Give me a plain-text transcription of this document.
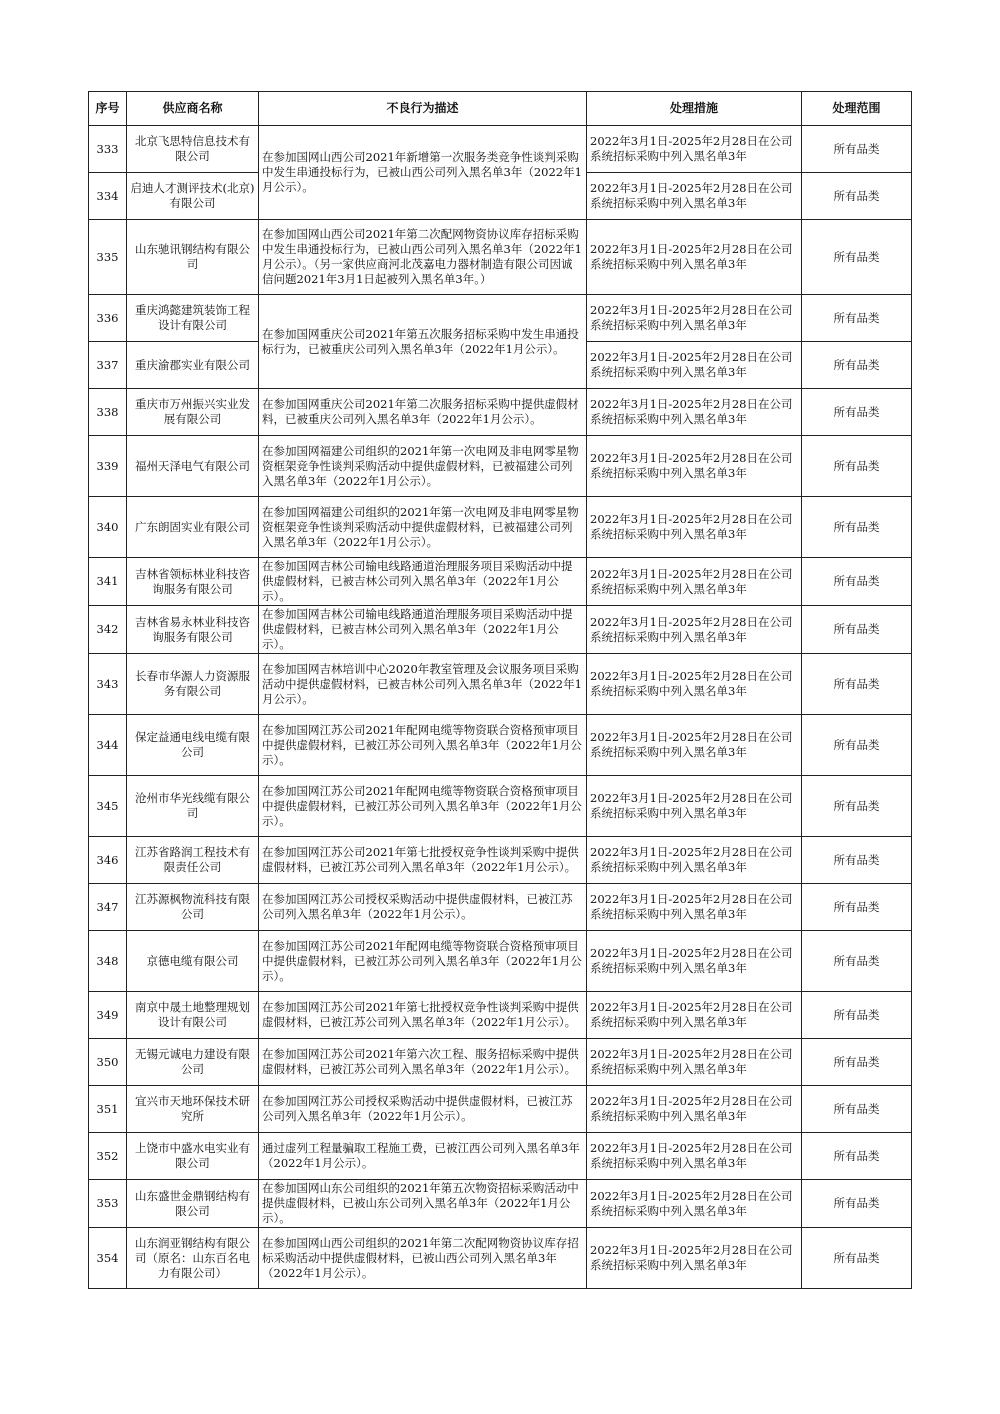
序号	供应商名称	不良行为描述	处理措施	处理范围
333	北京飞思特信息技术有限公司	在参加国网山西公司2021年新增第一次服务类竞争性谈判采购中发生串通投标行为，已被山西公司列入黑名单3年（2022年1月公示）。	2022年3月1日-2025年2月28日在公司系统招标采购中列入黑名单3年	所有品类
334	启迪人才测评技术(北京)有限公司		2022年3月1日-2025年2月28日在公司系统招标采购中列入黑名单3年	所有品类
335	山东驰讯钢结构有限公司	在参加国网山西公司2021年第二次配网物资协议库存招标采购中发生串通投标行为，已被山西公司列入黑名单3年（2022年1月公示）。（另一家供应商河北茂嘉电力器材制造有限公司因诚信问题2021年3月1日起被列入黑名单3年。）	2022年3月1日-2025年2月28日在公司系统招标采购中列入黑名单3年	所有品类
336	重庆鸿懿建筑装饰工程设计有限公司	在参加国网重庆公司2021年第五次服务招标采购中发生串通投标行为，已被重庆公司列入黑名单3年（2022年1月公示）。	2022年3月1日-2025年2月28日在公司系统招标采购中列入黑名单3年	所有品类
337	重庆渝郡实业有限公司		2022年3月1日-2025年2月28日在公司系统招标采购中列入黑名单3年	所有品类
338	重庆市万州振兴实业发展有限公司	在参加国网重庆公司2021年第二次服务招标采购中提供虚假材料，已被重庆公司列入黑名单3年（2022年1月公示）。	2022年3月1日-2025年2月28日在公司系统招标采购中列入黑名单3年	所有品类
339	福州天泽电气有限公司	在参加国网福建公司组织的2021年第一次电网及非电网零星物资框架竞争性谈判采购活动中提供虚假材料，已被福建公司列入黑名单3年（2022年1月公示）。	2022年3月1日-2025年2月28日在公司系统招标采购中列入黑名单3年	所有品类
340	广东朗固实业有限公司	在参加国网福建公司组织的2021年第一次电网及非电网零星物资框架竞争性谈判采购活动中提供虚假材料，已被福建公司列入黑名单3年（2022年1月公示）。	2022年3月1日-2025年2月28日在公司系统招标采购中列入黑名单3年	所有品类
341	吉林省领标林业科技咨询服务有限公司	在参加国网吉林公司输电线路通道治理服务项目采购活动中提供虚假材料，已被吉林公司列入黑名单3年（2022年1月公示）。	2022年3月1日-2025年2月28日在公司系统招标采购中列入黑名单3年	所有品类
342	吉林省易永林业科技咨询服务有限公司	在参加国网吉林公司输电线路通道治理服务项目采购活动中提供虚假材料，已被吉林公司列入黑名单3年（2022年1月公示）。	2022年3月1日-2025年2月28日在公司系统招标采购中列入黑名单3年	所有品类
343	长春市华源人力资源服务有限公司	在参加国网吉林培训中心2020年教室管理及会议服务项目采购活动中提供虚假材料，已被吉林公司列入黑名单3年（2022年1月公示）。	2022年3月1日-2025年2月28日在公司系统招标采购中列入黑名单3年	所有品类
344	保定益通电线电缆有限公司	在参加国网江苏公司2021年配网电缆等物资联合资格预审项目中提供虚假材料，已被江苏公司列入黑名单3年（2022年1月公示）。	2022年3月1日-2025年2月28日在公司系统招标采购中列入黑名单3年	所有品类
345	沧州市华光线缆有限公司	在参加国网江苏公司2021年配网电缆等物资联合资格预审项目中提供虚假材料，已被江苏公司列入黑名单3年（2022年1月公示）。	2022年3月1日-2025年2月28日在公司系统招标采购中列入黑名单3年	所有品类
346	江苏省路润工程技术有限责任公司	在参加国网江苏公司2021年第七批授权竞争性谈判采购中提供虚假材料，已被江苏公司列入黑名单3年（2022年1月公示）。	2022年3月1日-2025年2月28日在公司系统招标采购中列入黑名单3年	所有品类
347	江苏源枫物流科技有限公司	在参加国网江苏公司授权采购活动中提供虚假材料，已被江苏公司列入黑名单3年（2022年1月公示）。	2022年3月1日-2025年2月28日在公司系统招标采购中列入黑名单3年	所有品类
348	京德电缆有限公司	在参加国网江苏公司2021年配网电缆等物资联合资格预审项目中提供虚假材料，已被江苏公司列入黑名单3年（2022年1月公示）。	2022年3月1日-2025年2月28日在公司系统招标采购中列入黑名单3年	所有品类
349	南京中晟土地整理规划设计有限公司	在参加国网江苏公司2021年第七批授权竞争性谈判采购中提供虚假材料，已被江苏公司列入黑名单3年（2022年1月公示）。	2022年3月1日-2025年2月28日在公司系统招标采购中列入黑名单3年	所有品类
350	无锡元诚电力建设有限公司	在参加国网江苏公司2021年第六次工程、服务招标采购中提供虚假材料，已被江苏公司列入黑名单3年（2022年1月公示）。	2022年3月1日-2025年2月28日在公司系统招标采购中列入黑名单3年	所有品类
351	宜兴市天地环保技术研究所	在参加国网江苏公司授权采购活动中提供虚假材料，已被江苏公司列入黑名单3年（2022年1月公示）。	2022年3月1日-2025年2月28日在公司系统招标采购中列入黑名单3年	所有品类
352	上饶市中盛水电实业有限公司	通过虚列工程量骗取工程施工费，已被江西公司列入黑名单3年（2022年1月公示）。	2022年3月1日-2025年2月28日在公司系统招标采购中列入黑名单3年	所有品类
353	山东盛世金鼎钢结构有限公司	在参加国网山东公司组织的2021年第五次物资招标采购活动中提供虚假材料，已被山东公司列入黑名单3年（2022年1月公示）。	2022年3月1日-2025年2月28日在公司系统招标采购中列入黑名单3年	所有品类
354	山东润亚钢结构有限公司（原名：山东百名电力有限公司）	在参加国网山西公司组织的2021年第二次配网物资协议库存招标采购活动中提供虚假材料，已被山西公司列入黑名单3年（2022年1月公示）。	2022年3月1日-2025年2月28日在公司系统招标采购中列入黑名单3年	所有品类
